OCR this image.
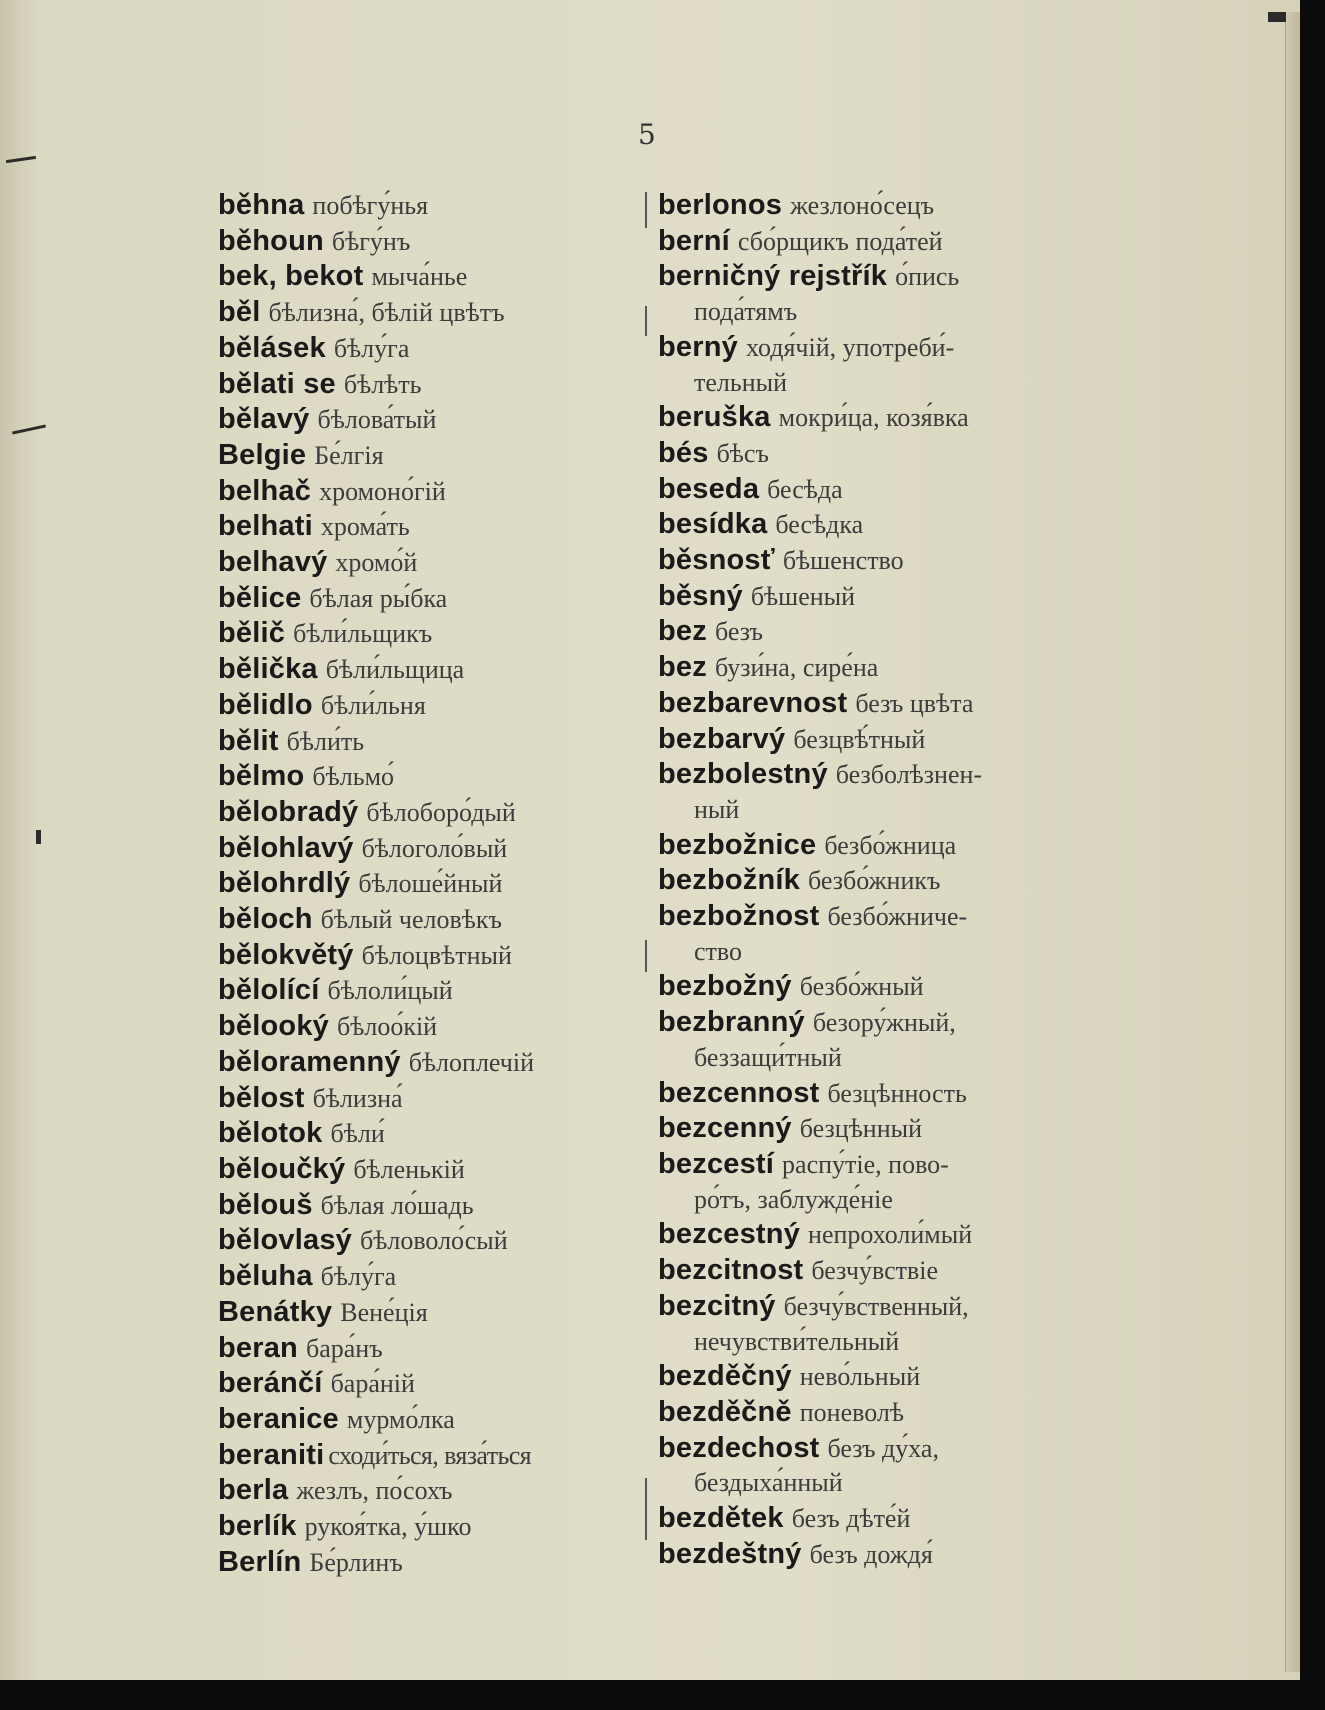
5
běhna побѣгу́нья
běhoun бѣгу́нъ
bek, bekot мыча́нье
běl бѣлизна́, бѣлій цвѣтъ
bělásek бѣлу́га
bělati se бѣлѣть
bělavý бѣлова́тый
Belgie Бе́лгія
belhač хромоно́гій
belhati хрома́ть
belhavý хромо́й
bělice бѣлая ры́бка
bělič бѣли́льщикъ
bělička бѣли́льщица
bělidlo бѣли́льня
bělit бѣли́ть
bělmo бѣльмо́
bělobradý бѣлоборо́дый
bělohlavý бѣлоголо́вый
bělohrdlý бѣлоше́йный
běloch бѣлый человѣкъ
bělokvětý бѣлоцвѣтный
bělolící бѣлоли́цый
bělooký бѣлоо́кій
běloramenný бѣлоплечій
bělost бѣлизна́
bělotok бѣли́
běloučký бѣленькій
bělouš бѣлая ло́шадь
bělovlasý бѣловоло́сый
běluha бѣлу́га
Benátky Вене́ція
beran бара́нъ
beránčí бара́ній
beranice мурмо́лка
beraniti сходи́ться, вяза́ться
berla жезлъ, по́сохъ
berlík рукоя́тка, у́шко
Berlín Бе́рлинъ
berlonos жезлоно́сецъ
berní сбо́рщикъ пода́тей
berničný rejstřík о́пись
пода́тямъ
berný ходя́чій, употреби́-
тельный
beruška мокри́ца, козя́вка
bés бѣсъ
beseda бесѣда
besídka бесѣдка
běsnosť бѣшенство
běsný бѣшеный
bez безъ
bez бузи́на, сире́на
bezbarevnost безъ цвѣта
bezbarvý безцвѣ́тный
bezbolestný безболѣзнен-
ный
bezbožnice безбо́жница
bezbožník безбо́жникъ
bezbožnost безбо́жниче-
ство
bezbožný безбо́жный
bezbranný безору́жный,
беззащи́тный
bezcennost безцѣнность
bezcenný безцѣнный
bezcestí распу́тіе, пово-
ро́тъ, заблужде́ніе
bezcestný непрохоли́мый
bezcitnost безчу́вствіе
bezcitný безчу́вственный,
нечувстви́тельный
bezděčný нево́льный
bezděčně поневолѣ
bezdechost безъ ду́ха,
бездыха́нный
bezdětek безъ дѣте́й
bezdeštný безъ дождя́
